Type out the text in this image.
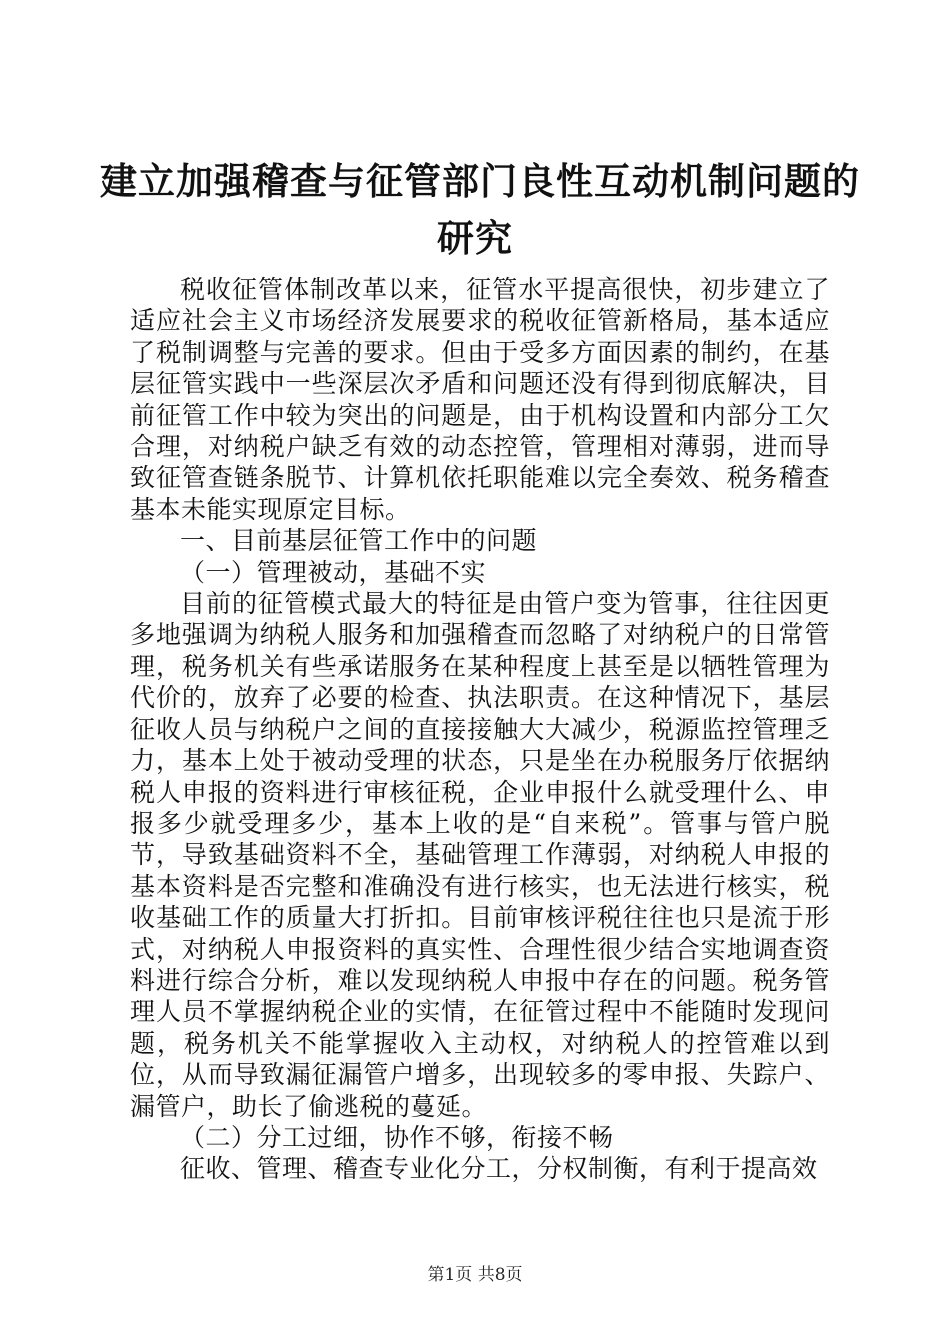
建立加强稽查与征管部门良性互动机制问题的
研究

税收征管体制改革以来，征管水平提高很快，初步建立了适应社会主义市场经济发展要求的税收征管新格局，基本适应了税制调整与完善的要求。但由于受多方面因素的制约，在基层征管实践中一些深层次矛盾和问题还没有得到彻底解决，目前征管工作中较为突出的问题是，由于机构设置和内部分工欠合理，对纳税户缺乏有效的动态控管，管理相对薄弱，进而导致征管查链条脱节、计算机依托职能难以完全奏效、税务稽查基本未能实现原定目标。

一、目前基层征管工作中的问题

（一）管理被动，基础不实

目前的征管模式最大的特征是由管户变为管事，往往因更多地强调为纳税人服务和加强稽查而忽略了对纳税户的日常管理，税务机关有些承诺服务在某种程度上甚至是以牺牲管理为代价的，放弃了必要的检查、执法职责。在这种情况下，基层征收人员与纳税户之间的直接接触大大减少，税源监控管理乏力，基本上处于被动受理的状态，只是坐在办税服务厅依据纳税人申报的资料进行审核征税，企业申报什么就受理什么、申报多少就受理多少，基本上收的是“自来税”。管事与管户脱节，导致基础资料不全，基础管理工作薄弱，对纳税人申报的基本资料是否完整和准确没有进行核实，也无法进行核实，税收基础工作的质量大打折扣。目前审核评税往往也只是流于形式，对纳税人申报资料的真实性、合理性很少结合实地调查资料进行综合分析，难以发现纳税人申报中存在的问题。税务管理人员不掌握纳税企业的实情，在征管过程中不能随时发现问题，税务机关不能掌握收入主动权，对纳税人的控管难以到位，从而导致漏征漏管户增多，出现较多的零申报、失踪户、漏管户，助长了偷逃税的蔓延。

（二）分工过细，协作不够，衔接不畅

征收、管理、稽查专业化分工，分权制衡，有利于提高效

第1页 共8页
